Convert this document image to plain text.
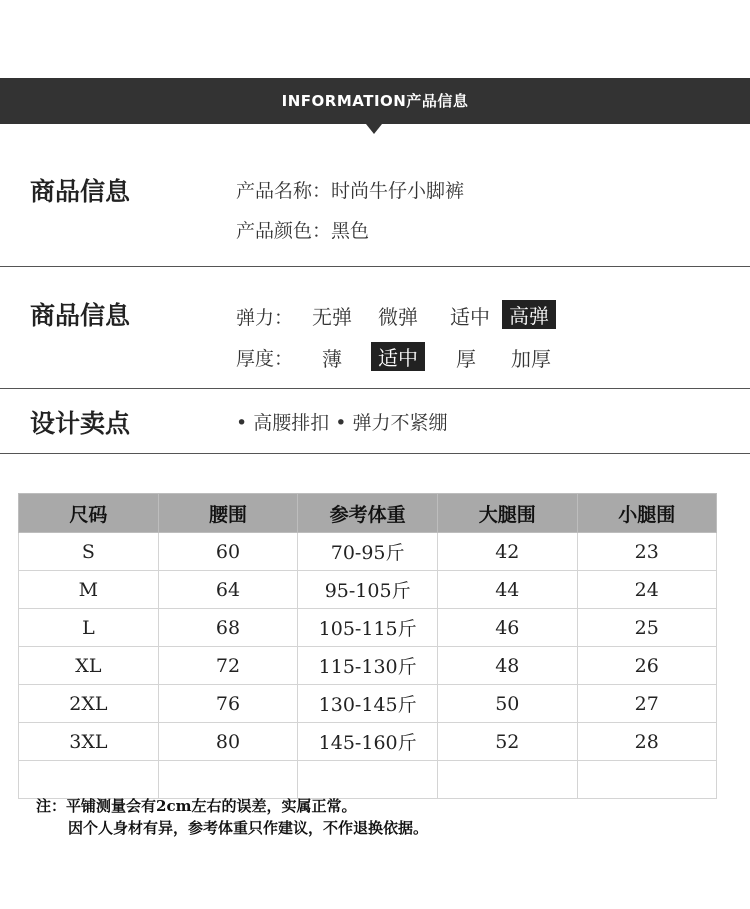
INFORMATION产品信息
商品信息	产品名称：时尚牛仔小脚裤
产品颜色：黑色
商品信息	弹力： 无弹 微弹 适中 高弹
厚度： 薄	适中	厚 加厚
设计卖点	• 高腰排扣 • 弹力不紧绷
尺码	腰围	参考体重	大腿围	小腿围
S	60	70-95斤	42	23
M	64	95-105斤	44	24
L	68	105-115斤	46	25
XL	72	115-130斤	48	26
2XL	76	130-145斤	50	27
3XL	80	145-160斤	52	28

注：平铺测量会有2cm左右的误差，实属正常。
因个人身材有异，参考体重只作建议，不作退换依据。
